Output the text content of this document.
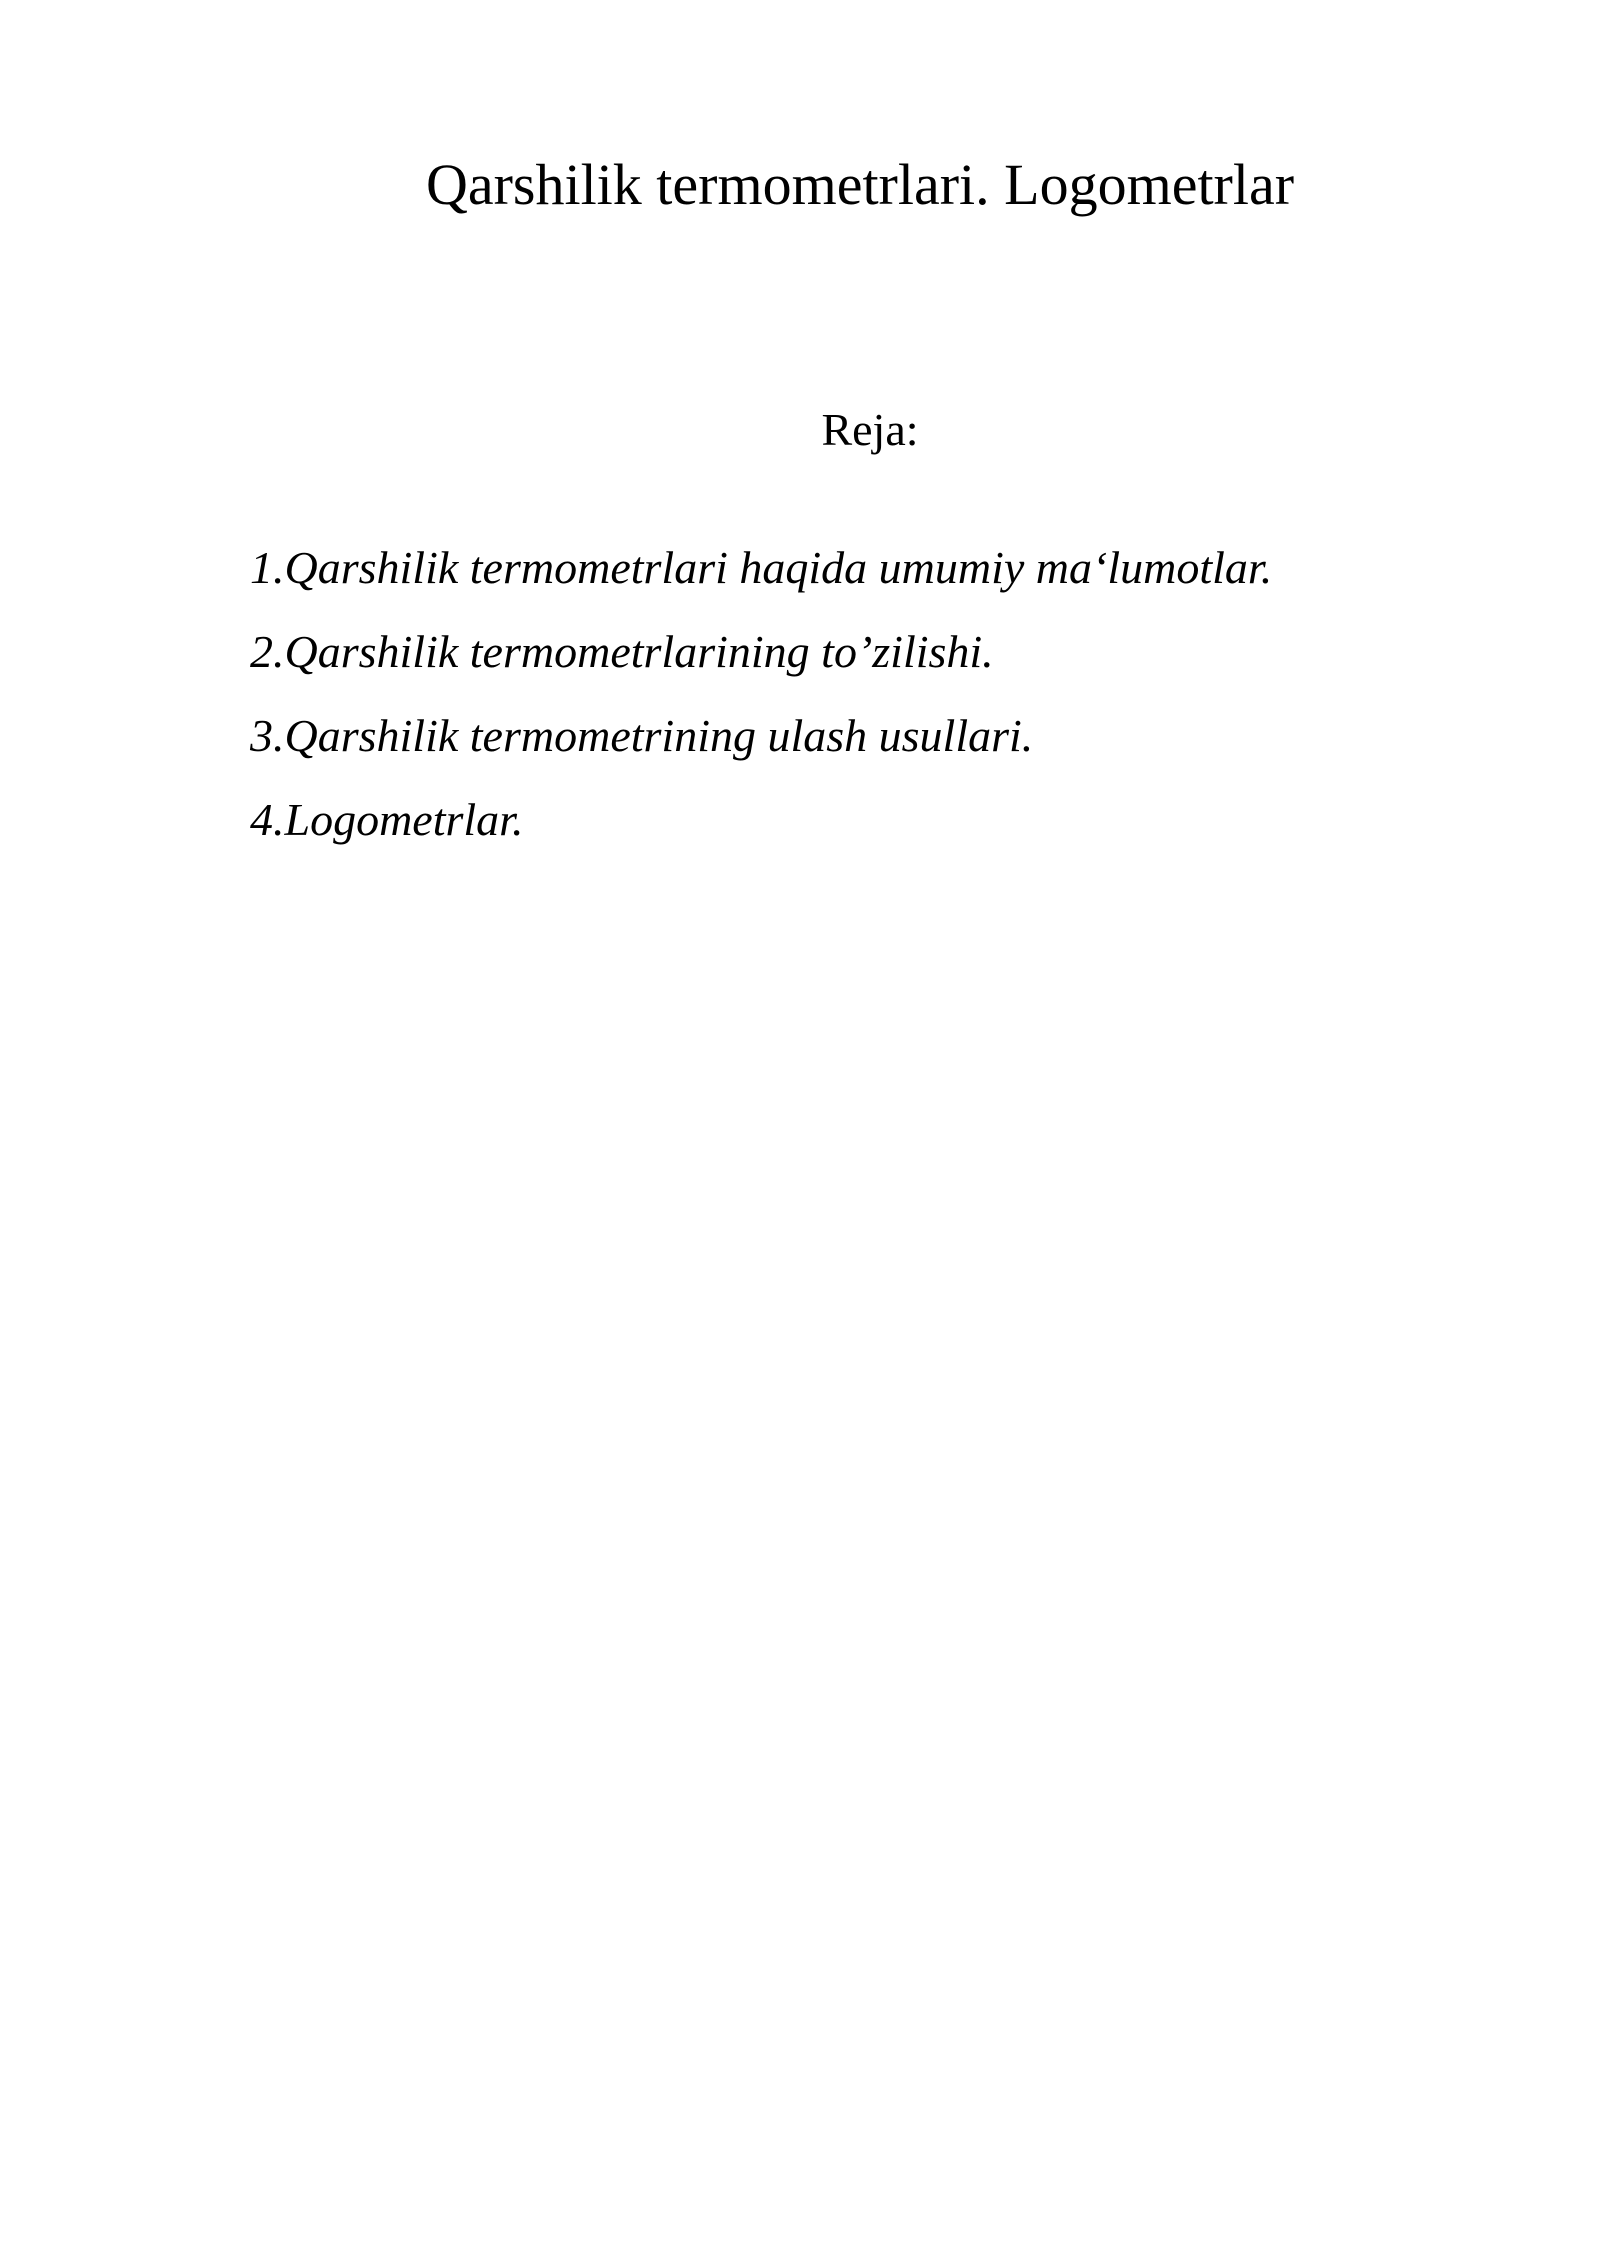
Qarshilik termometrlari. Logometrlar
Reja:
1.Qarshilik termometrlari haqida umumiy ma‘lumotlar.
2.Qarshilik termometrlarining to’zilishi.
3.Qarshilik termometrining ulash usullari.
4.Logometrlar.
